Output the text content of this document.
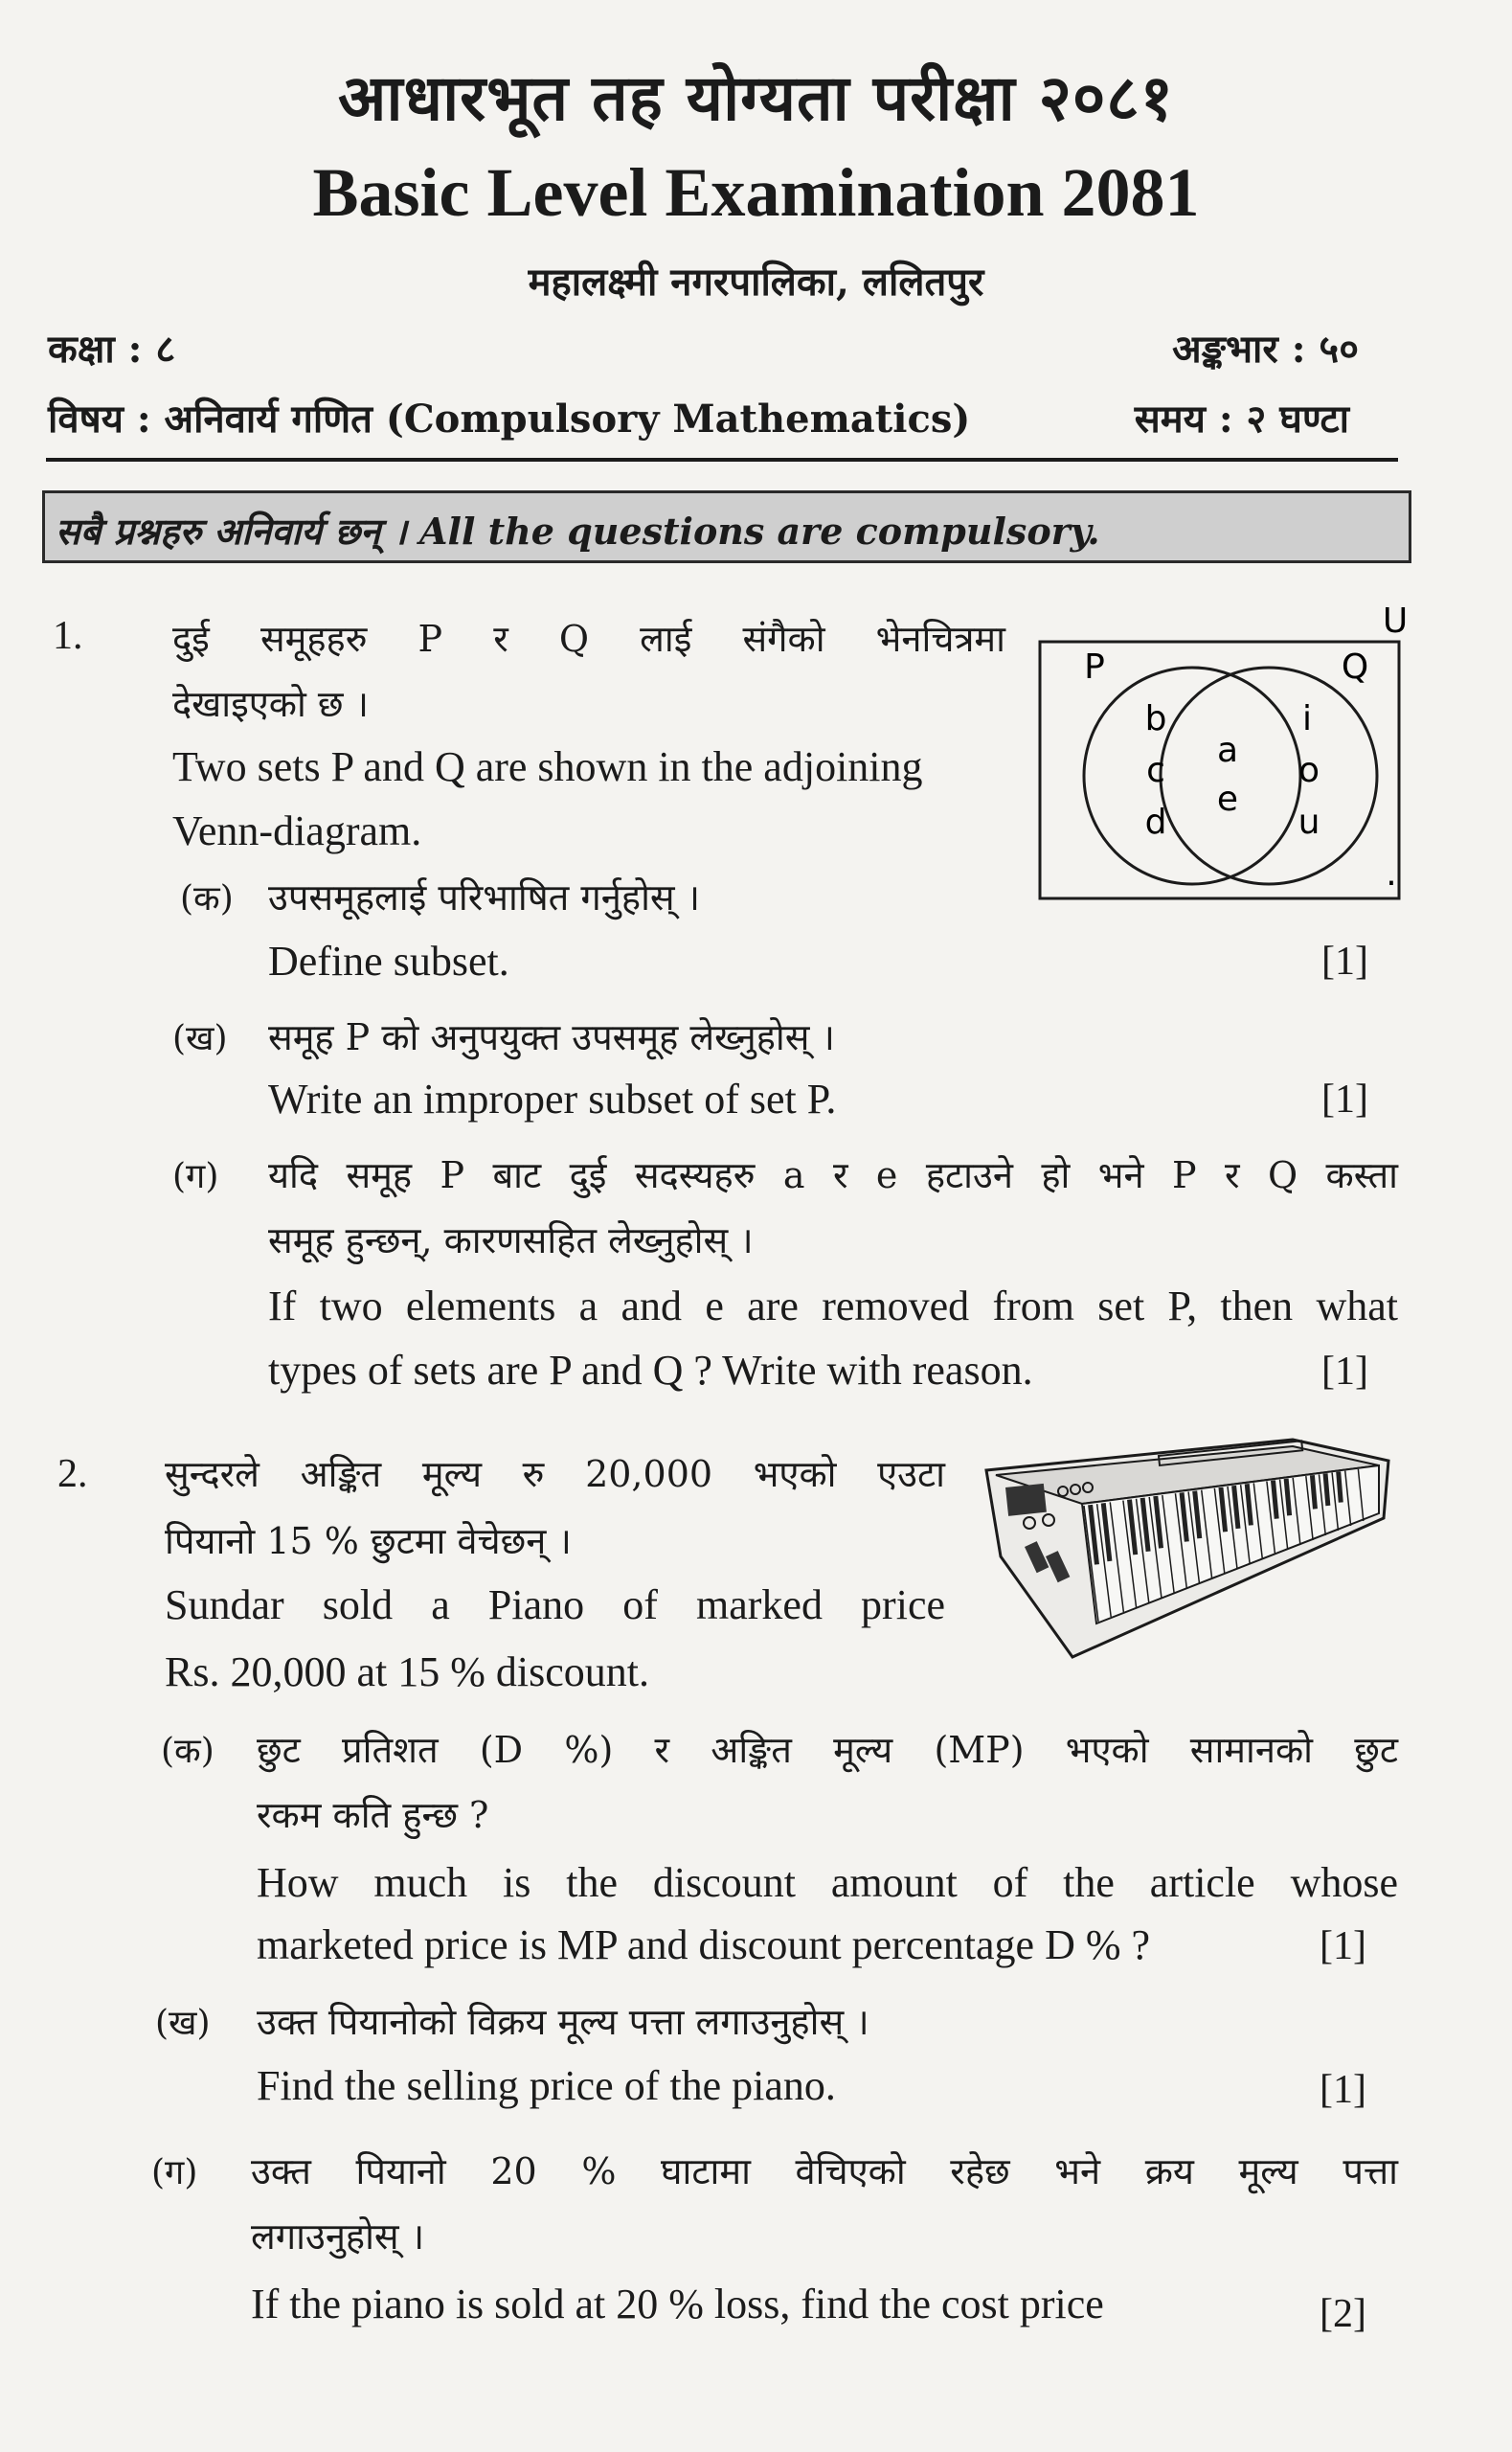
आधारभूत तह योग्यता परीक्षा २०८१
Basic Level Examination 2081
महालक्ष्मी नगरपालिका, ललितपुर
कक्षा : ८	अङ्कभार : ५०
विषय : अनिवार्य गणित (Compulsory Mathematics)	समय : २ घण्टा
सबै प्रश्नहरु अनिवार्य छन् । All the questions are compulsory.
1. दुई समूहहरु P र Q लाई संगैको भेनचित्रमा
देखाइएको छ ।
Two sets P and Q are shown in the adjoining
Venn-diagram.
U
P	Q
b
c
d
a
e
i
o
u
.
(क) उपसमूहलाई परिभाषित गर्नुहोस् ।
Define subset.	[1]
(ख) समूह P को अनुपयुक्त उपसमूह लेख्नुहोस् ।
Write an improper subset of set P.	[1]
(ग) यदि समूह P बाट दुई सदस्यहरु a र e हटाउने हो भने P र Q कस्ता
समूह हुन्छन्, कारणसहित लेख्नुहोस् ।
If two elements a and e are removed from set P, then what
types of sets are P and Q ? Write with reason.	[1]
2. सुन्दरले अङ्कित मूल्य रु 20,000 भएको एउटा
पियानो 15 % छुटमा वेचेछन् ।
Sundar sold a Piano of marked price
Rs. 20,000 at 15 % discount.
(क) छुट प्रतिशत (D %) र अङ्कित मूल्य (MP) भएको सामानको छुट
रकम कति हुन्छ ?
How much is the discount amount of the article whose
marketed price is MP and discount percentage D % ?	[1]
(ख) उक्त पियानोको विक्रय मूल्य पत्ता लगाउनुहोस् ।
Find the selling price of the piano.	[1]
(ग) उक्त पियानो 20 % घाटामा वेचिएको रहेछ भने क्रय मूल्य पत्ता
लगाउनुहोस् ।
If the piano is sold at 20 % loss, find the cost price	[2]
